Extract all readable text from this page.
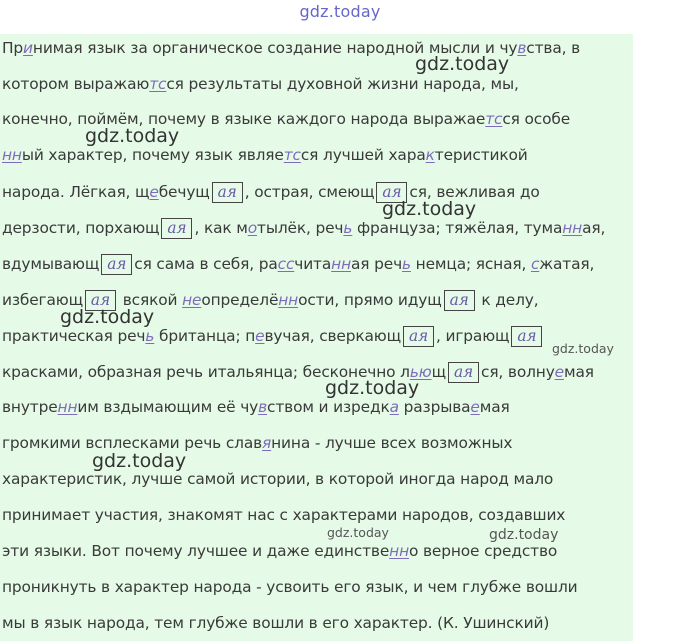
gdz.today
Принимая язык за органическое создание народной мысли и чувства, в
котором выражаютсся результаты духовной жизни народа, мы,
конечно, поймём, почему в языке каждого народа выражаетсся особе
нный характер, почему язык являетсся лучшей характеристикой
народа. Лёгкая, щебечущ ая , острая, смеющ ая ся, вежливая до
дерзости, порхающ ая , как мотылёк, речь француза; тяжёлая, туманная,
вдумывающ ая ся сама в себя, рассчитанная речь немца; ясная, сжатая,
избегающ ая всякой неопределённости, прямо идущ ая к делу,
практическая речь британца; певучая, сверкающ ая , играющ ая
красками, образная речь итальянца; бесконечно льющ ая ся, волнуемая
внутренним вздымающим её чувством и изредка разрываемая
громкими всплесками речь славянина - лучше всех возможных
характеристик, лучше самой истории, в которой иногда народ мало
принимает участия, знакомят нас с характерами народов, создавших
эти языки. Вот почему лучшее и даже единственно верное средство
проникнуть в характер народа - усвоить его язык, и чем глубже вошли
мы в язык народа, тем глубже вошли в его характер. (К. Ушинский)
gdz.today
gdz.today
gdz.today
gdz.today
gdz.today
gdz.today
gdz.today
gdz.today	gdz.today
